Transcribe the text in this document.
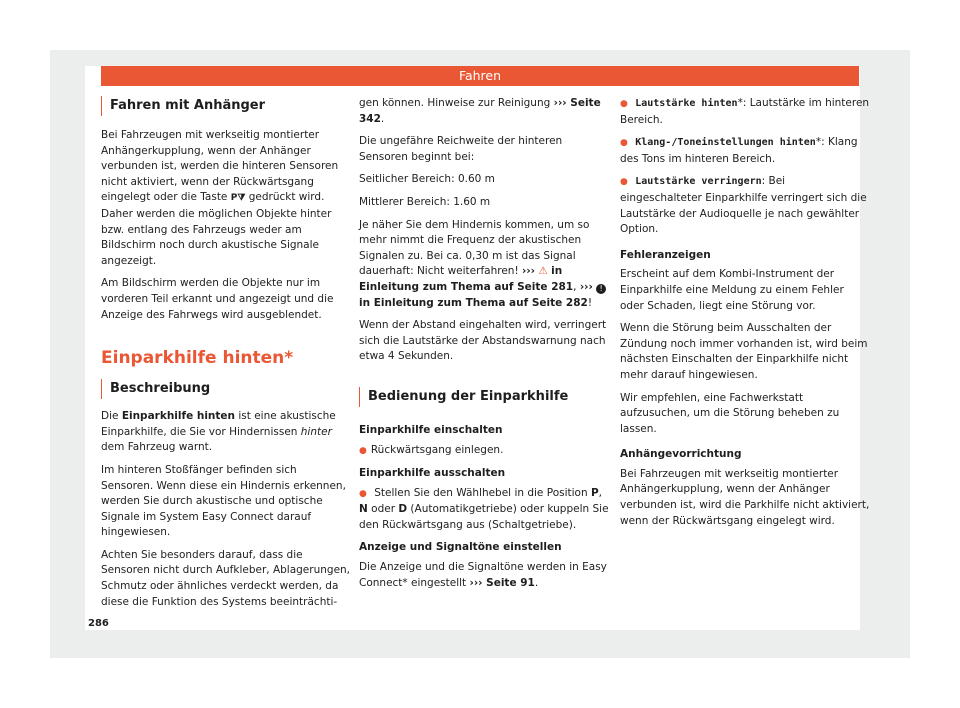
Fahren
Fahren mit Anhänger

Bei Fahrzeugen mit werkseitig montierter Anhängerkupplung, wenn der Anhänger verbunden ist, werden die hinteren Sensoren nicht aktiviert, wenn der Rückwärtsgang eingelegt oder die Taste P⧩ gedrückt wird. Daher werden die möglichen Objekte hinter bzw. entlang des Fahrzeugs weder am Bildschirm noch durch akustische Signale angezeigt.

Am Bildschirm werden die Objekte nur im vorderen Teil erkannt und angezeigt und die Anzeige des Fahrwegs wird ausgeblendet.

Einparkhilfe hinten*
Beschreibung

Die Einparkhilfe hinten ist eine akustische Einparkhilfe, die Sie vor Hindernissen hinter dem Fahrzeug warnt.

Im hinteren Stoßfänger befinden sich Sensoren. Wenn diese ein Hindernis erkennen, werden Sie durch akustische und optische Signale im System Easy Connect darauf hingewiesen.

Achten Sie besonders darauf, dass die Sensoren nicht durch Aufkleber, Ablagerungen, Schmutz oder ähnliches verdeckt werden, da diese die Funktion des Systems beeinträchti-

gen können. Hinweise zur Reinigung ››› Seite 342.

Die ungefähre Reichweite der hinteren Sensoren beginnt bei:

Seitlicher Bereich: 0.60 m

Mittlerer Bereich: 1.60 m

Je näher Sie dem Hindernis kommen, um so mehr nimmt die Frequenz der akustischen Signalen zu. Bei ca. 0,30 m ist das Signal dauerhaft: Nicht weiterfahren! ››› ⚠ in Einleitung zum Thema auf Seite 281, ››› ! in Einleitung zum Thema auf Seite 282!

Wenn der Abstand eingehalten wird, verringert sich die Lautstärke der Abstandswarnung nach etwa 4 Sekunden.

Bedienung der Einparkhilfe
Einparkhilfe einschalten

● Rückwärtsgang einlegen.

Einparkhilfe ausschalten

● Stellen Sie den Wählhebel in die Position P, N oder D (Automatikgetriebe) oder kuppeln Sie den Rückwärtsgang aus (Schaltgetriebe).

Anzeige und Signaltöne einstellen

Die Anzeige und die Signaltöne werden in Easy Connect* eingestellt ››› Seite 91.

● Lautstärke hinten*: Lautstärke im hinteren Bereich.

● Klang-/Toneinstellungen hinten*: Klang des Tons im hinteren Bereich.

● Lautstärke verringern: Bei eingeschalteter Einparkhilfe verringert sich die Lautstärke der Audioquelle je nach gewählter Option.

Fehleranzeigen

Erscheint auf dem Kombi-Instrument der Einparkhilfe eine Meldung zu einem Fehler oder Schaden, liegt eine Störung vor.

Wenn die Störung beim Ausschalten der Zündung noch immer vorhanden ist, wird beim nächsten Einschalten der Einparkhilfe nicht mehr darauf hingewiesen.

Wir empfehlen, eine Fachwerkstatt aufzusuchen, um die Störung beheben zu lassen.

Anhängevorrichtung

Bei Fahrzeugen mit werkseitig montierter Anhängerkupplung, wenn der Anhänger verbunden ist, wird die Parkhilfe nicht aktiviert, wenn der Rückwärtsgang eingelegt wird.

286
